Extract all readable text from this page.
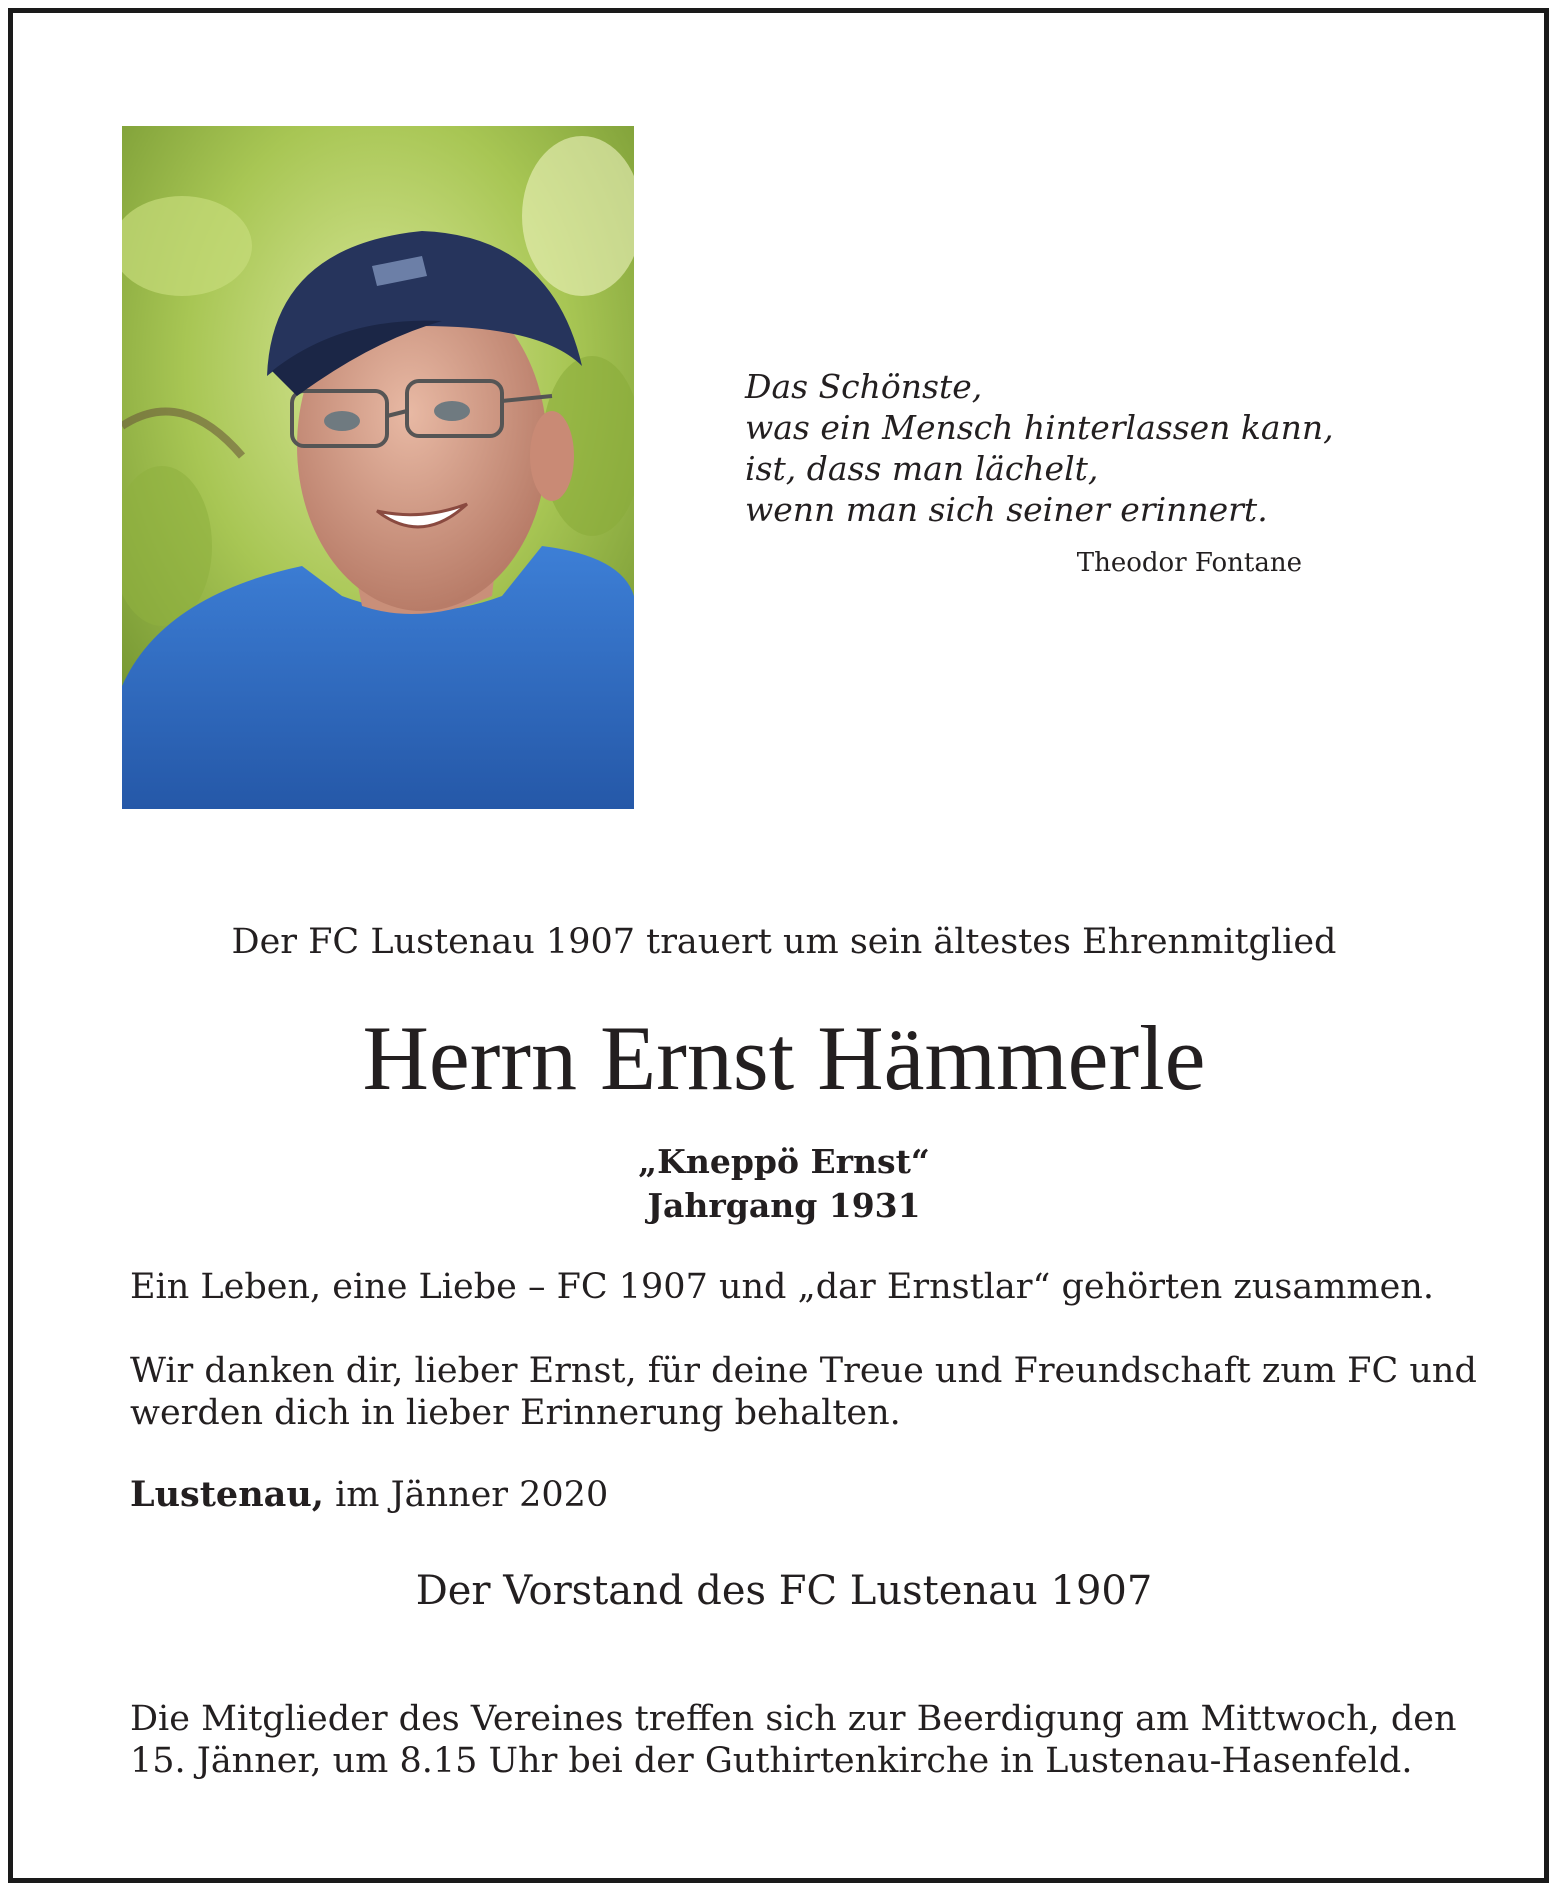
Das Schönste,
was ein Mensch hinterlassen kann,
ist, dass man lächelt,
wenn man sich seiner erinnert.
Theodor Fontane
Der FC Lustenau 1907 trauert um sein ältestes Ehrenmitglied
Herrn Ernst Hämmerle
„Kneppö Ernst“
Jahrgang 1931
Ein Leben, eine Liebe – FC 1907 und „dar Ernstlar“ gehörten zusammen.
Wir danken dir, lieber Ernst, für deine Treue und Freundschaft zum FC und
werden dich in lieber Erinnerung behalten.
Lustenau, im Jänner 2020
Der Vorstand des FC Lustenau 1907
Die Mitglieder des Vereines treffen sich zur Beerdigung am Mittwoch, den
15. Jänner, um 8.15 Uhr bei der Guthirtenkirche in Lustenau-Hasenfeld.
